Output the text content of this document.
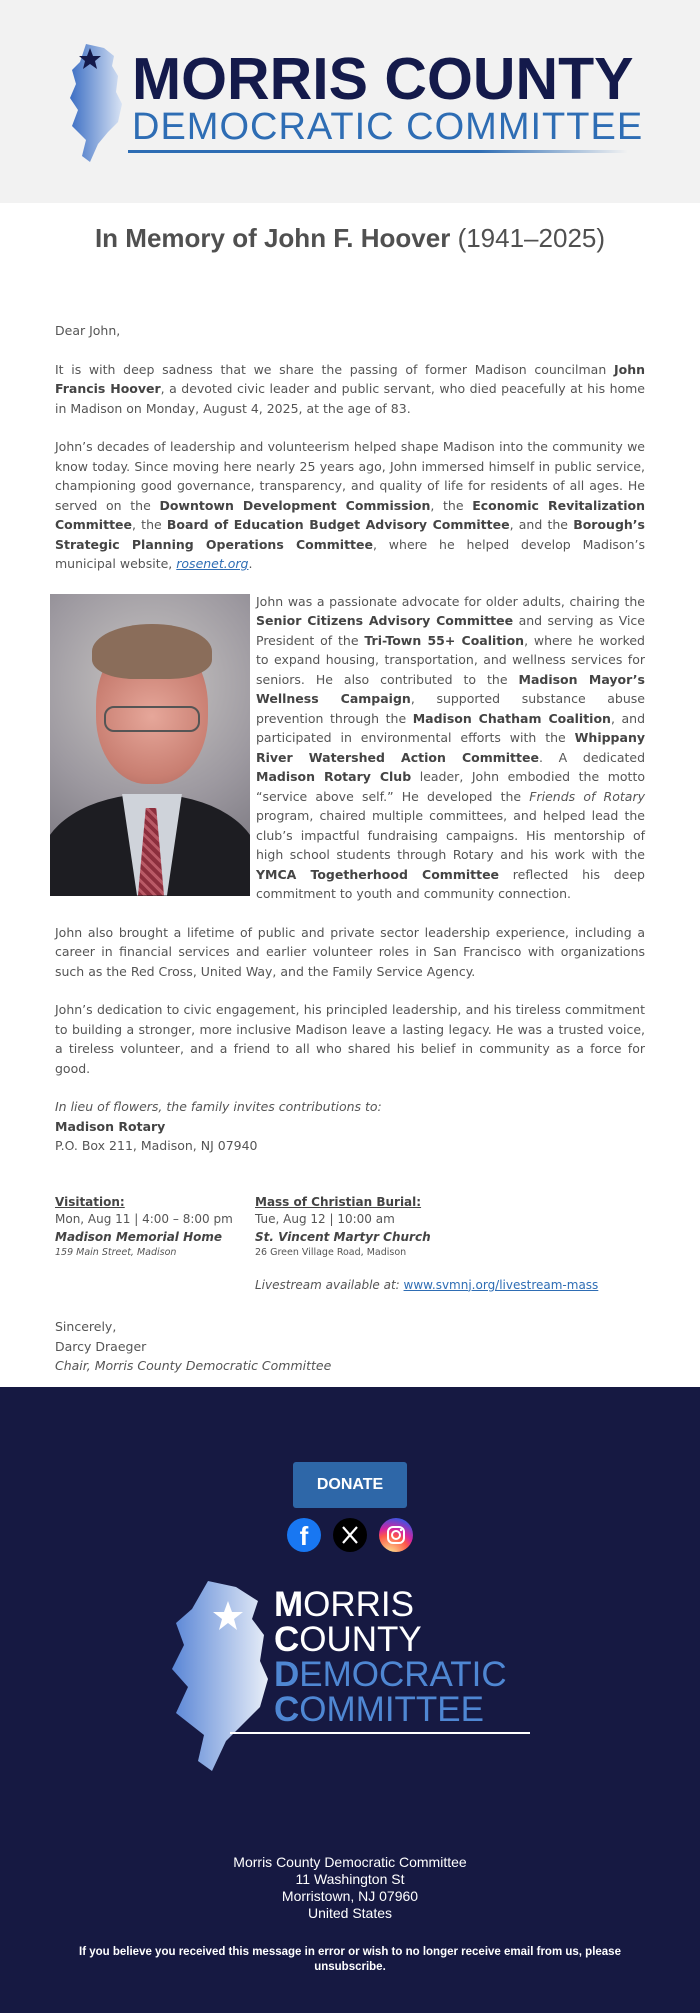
MORRIS COUNTY
DEMOCRATIC COMMITTEE
In Memory of John F. Hoover (1941–2025)

Dear John,

It is with deep sadness that we share the passing of former Madison councilman John Francis Hoover, a devoted civic leader and public servant, who died peacefully at his home in Madison on Monday, August 4, 2025, at the age of 83.

John’s decades of leadership and volunteerism helped shape Madison into the community we know today. Since moving here nearly 25 years ago, John immersed himself in public service, championing good governance, transparency, and quality of life for residents of all ages. He served on the Downtown Development Commission, the Economic Revitalization Committee, the Board of Education Budget Advisory Committee, and the Borough’s Strategic Planning Operations Committee, where he helped develop Madison’s municipal website, rosenet.org.

John was a passionate advocate for older adults, chairing the Senior Citizens Advisory Committee and serving as Vice President of the Tri-Town 55+ Coalition, where he worked to expand housing, transportation, and wellness services for seniors. He also contributed to the Madison Mayor’s Wellness Campaign, supported substance abuse prevention through the Madison Chatham Coalition, and participated in environmental efforts with the Whippany River Watershed Action Committee. A dedicated Madison Rotary Club leader, John embodied the motto “service above self.” He developed the Friends of Rotary program, chaired multiple committees, and helped lead the club’s impactful fundraising campaigns. His mentorship of high school students through Rotary and his work with the YMCA Togetherhood Committee reflected his deep commitment to youth and community connection.

John also brought a lifetime of public and private sector leadership experience, including a career in financial services and earlier volunteer roles in San Francisco with organizations such as the Red Cross, United Way, and the Family Service Agency.

John’s dedication to civic engagement, his principled leadership, and his tireless commitment to building a stronger, more inclusive Madison leave a lasting legacy. He was a trusted voice, a tireless volunteer, and a friend to all who shared his belief in community as a force for good.

In lieu of flowers, the family invites contributions to:
Madison Rotary
P.O. Box 211, Madison, NJ 07940
Visitation:
Mon, Aug 11 | 4:00 – 8:00 pm
Madison Memorial Home
159 Main Street, Madison
Mass of Christian Burial:
Tue, Aug 12 | 10:00 am
St. Vincent Martyr Church
26 Green Village Road, Madison
Livestream available at: www.svmnj.org/livestream-mass
Sincerely,
Darcy Draeger
Chair, Morris County Democratic Committee
DONATE
f
MORRIS
COUNTY
DEMOCRATIC
COMMITTEE
Morris County Democratic Committee
11 Washington St
Morristown, NJ 07960
United States
If you believe you received this message in error or wish to no longer receive email from us, please unsubscribe.
